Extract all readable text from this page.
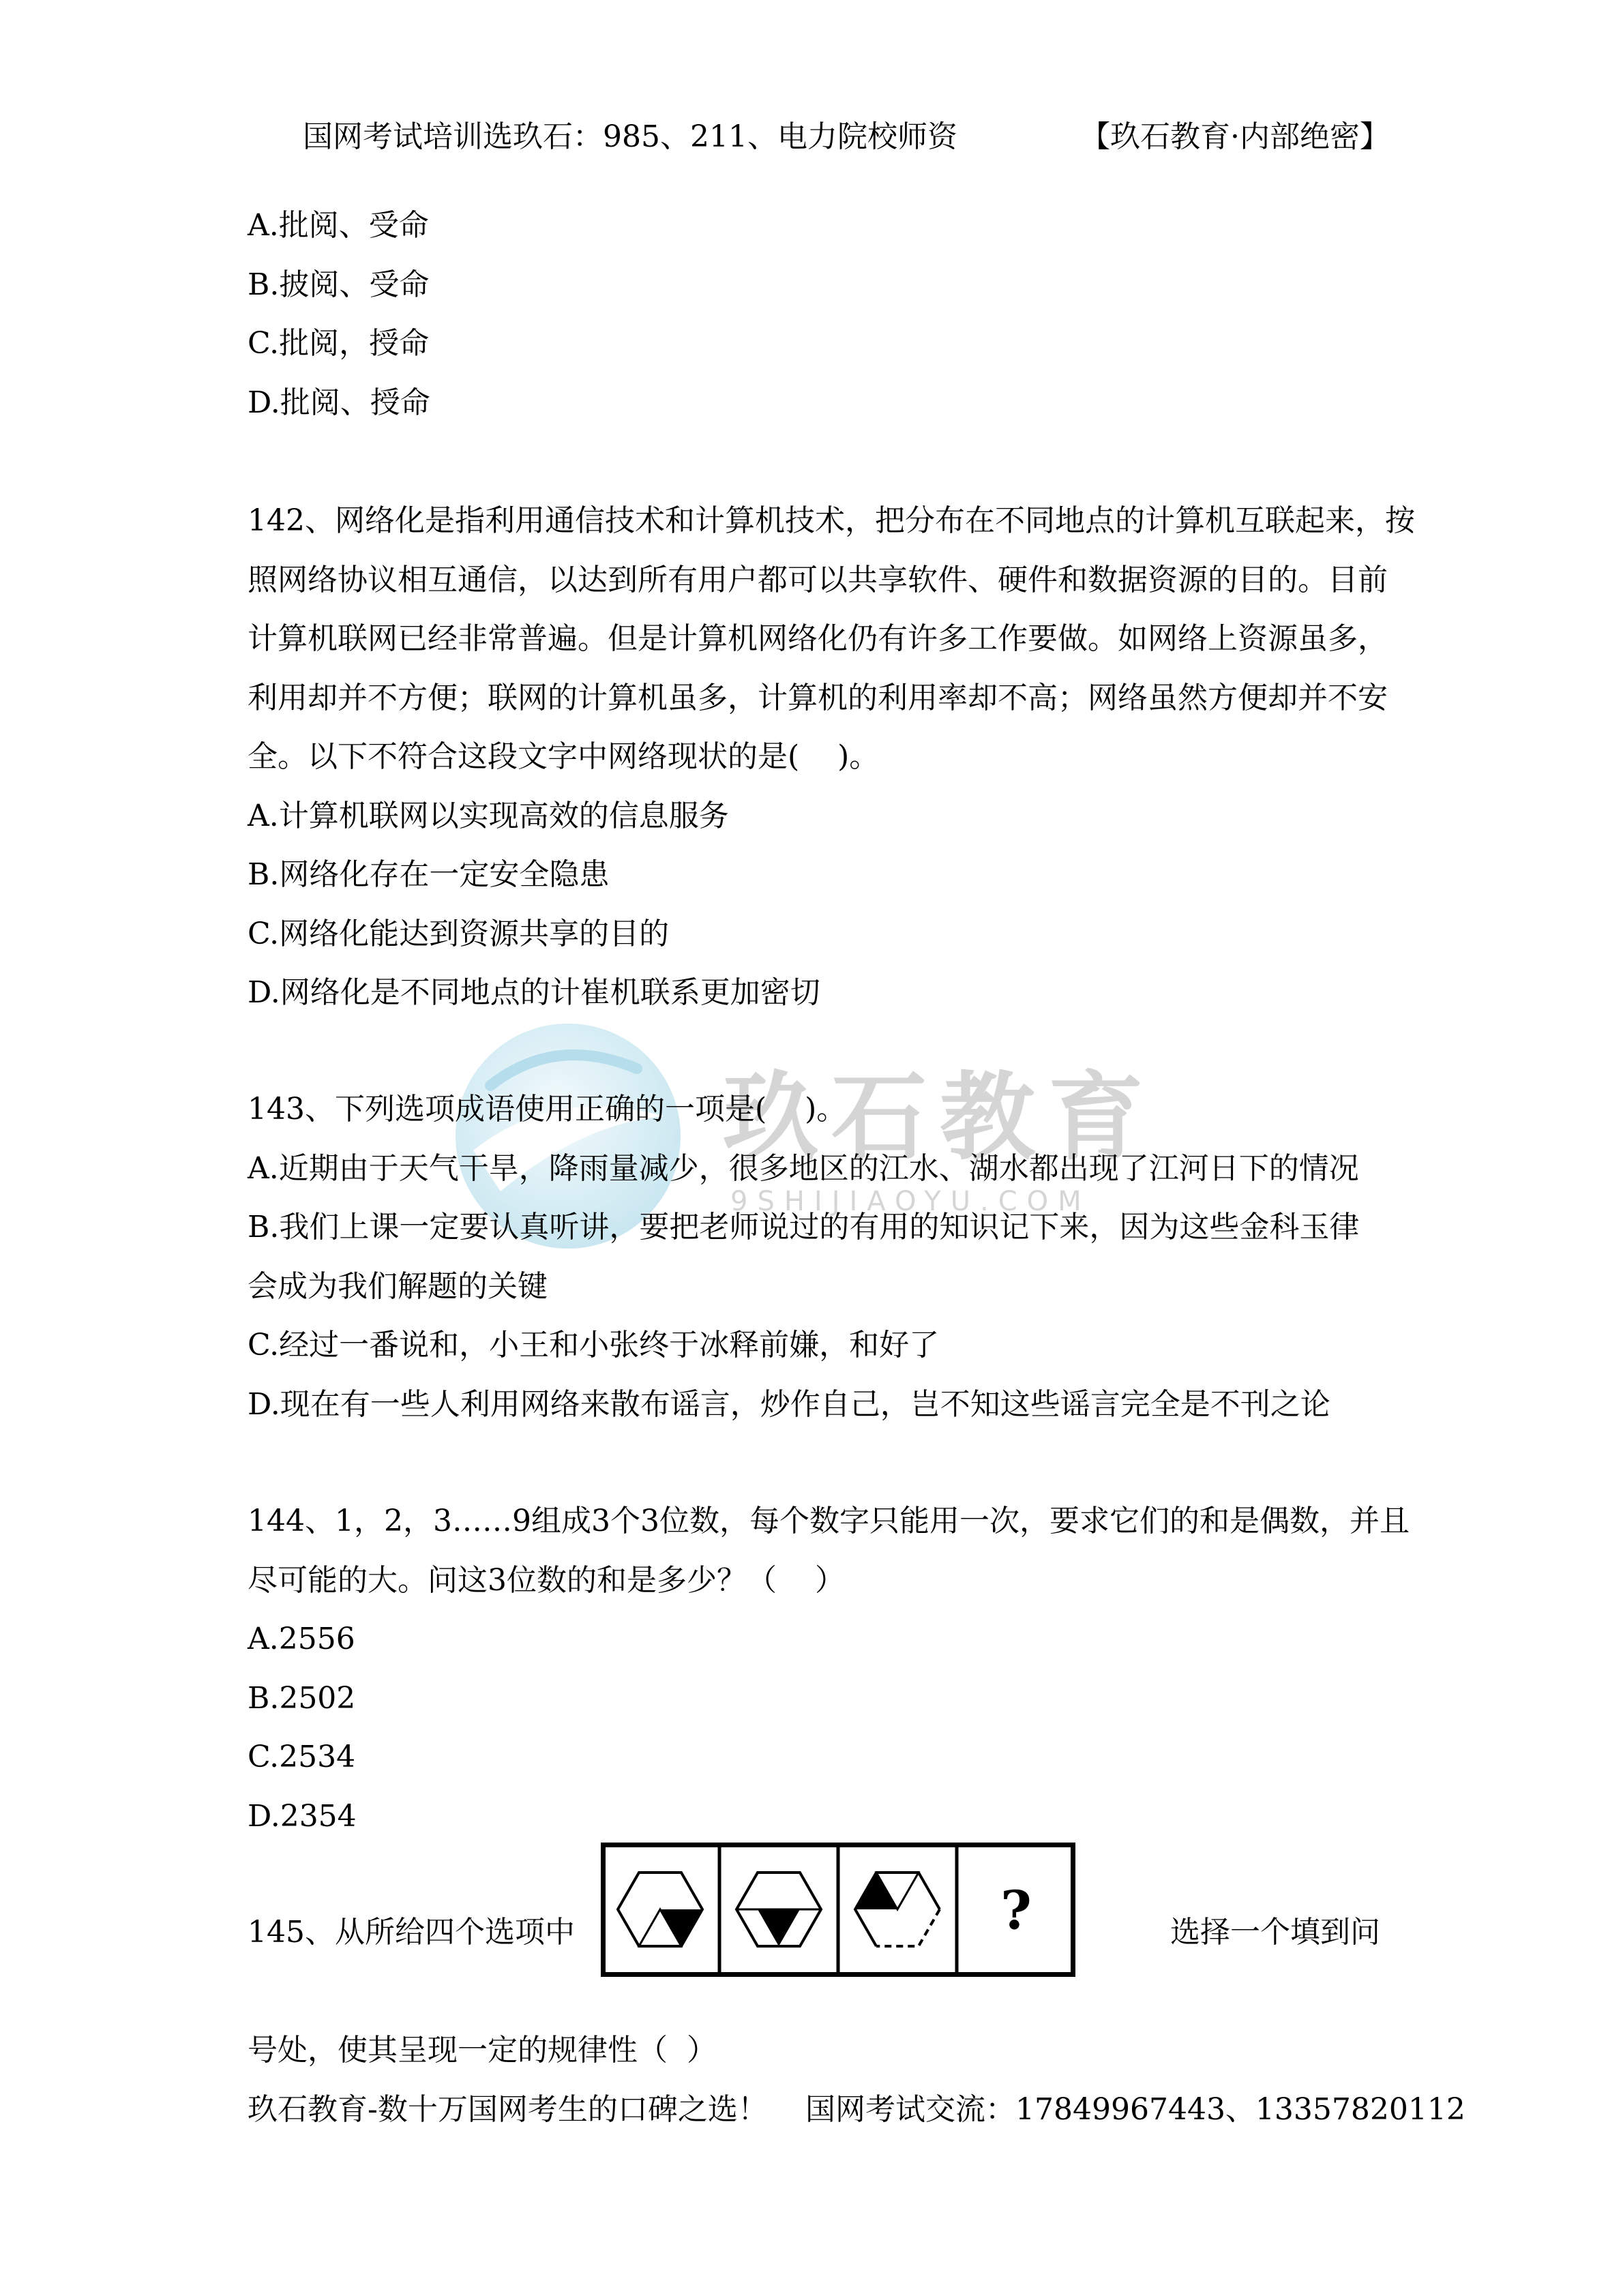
玖石教育
9SHIJIAOYU.COM
国网考试培训选玖石：985、211、电力院校师资	【玖石教育·内部绝密】
A.批阅、受命
B.披阅、受命
C.批阅，授命
D.批阅、授命
142、网络化是指利用通信技术和计算机技术，把分布在不同地点的计算机互联起来，按
照网络协议相互通信，以达到所有用户都可以共享软件、硬件和数据资源的目的。目前
计算机联网已经非常普遍。但是计算机网络化仍有许多工作要做。如网络上资源虽多，
利用却并不方便；联网的计算机虽多，计算机的利用率却不高；网络虽然方便却并不安
全。以下不符合这段文字中网络现状的是(    )。
A.计算机联网以实现高效的信息服务
B.网络化存在一定安全隐患
C.网络化能达到资源共享的目的
D.网络化是不同地点的计崔机联系更加密切
143、下列选项成语使用正确的一项是(    )。
A.近期由于天气干旱，降雨量减少，很多地区的江水、湖水都出现了江河日下的情况
B.我们上课一定要认真听讲，要把老师说过的有用的知识记下来，因为这些金科玉律
会成为我们解题的关键
C.经过一番说和，小王和小张终于冰释前嫌，和好了
D.现在有一些人利用网络来散布谣言，炒作自己，岂不知这些谣言完全是不刊之论
144、1，2，3……9组成3个3位数，每个数字只能用一次，要求它们的和是偶数，并且
尽可能的大。问这3位数的和是多少？（    ）
A.2556
B.2502
C.2534
D.2354
145、从所给四个选项中	?	选择一个填到问
号处，使其呈现一定的规律性（  ）
玖石教育-数十万国网考生的口碑之选！ 国网考试交流：17849967443、13357820112
